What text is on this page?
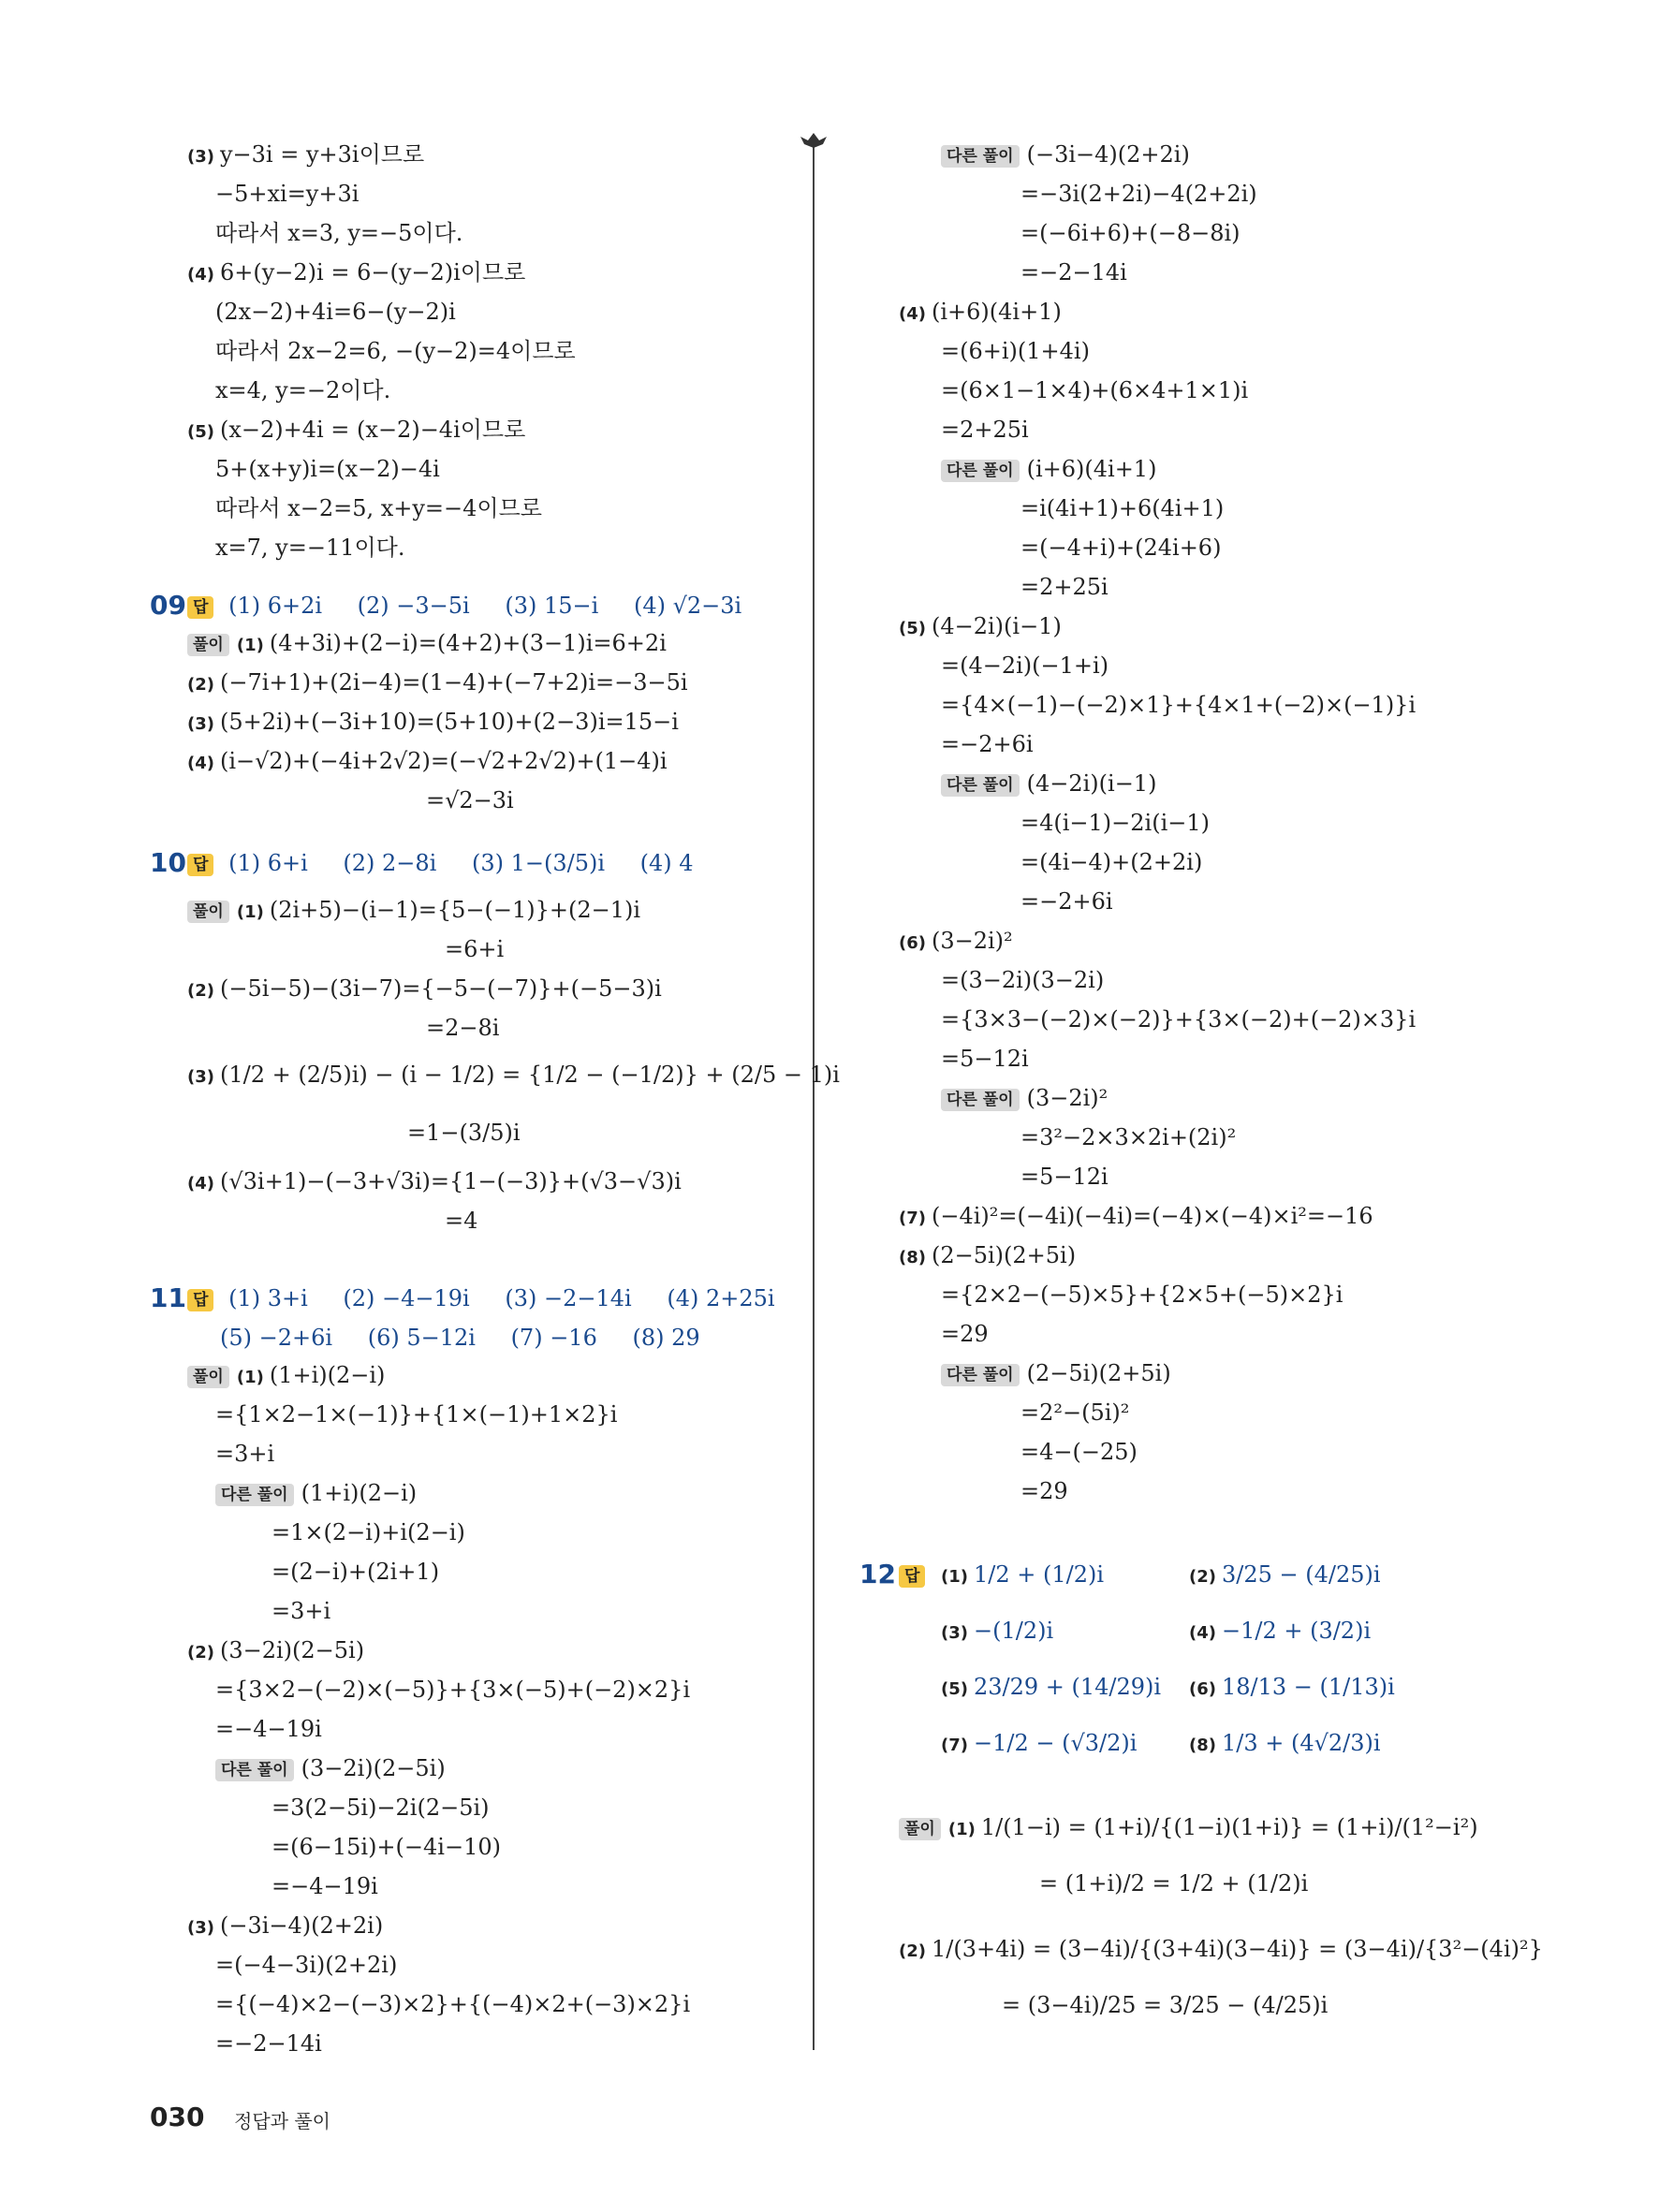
(3) y−3i = y+3i이므로
−5+xi=y+3i
따라서 x=3, y=−5이다.
(4) 6+(y−2)i = 6−(y−2)i이므로
(2x−2)+4i=6−(y−2)i
따라서 2x−2=6, −(y−2)=4이므로
x=4, y=−2이다.
(5) (x−2)+4i = (x−2)−4i이므로
5+(x+y)i=(x−2)−4i
따라서 x−2=5, x+y=−4이므로
x=7, y=−11이다.
09 답 (1) 6+2i (2) −3−5i (3) 15−i (4) √2−3i
풀이 (1) (4+3i)+(2−i)=(4+2)+(3−1)i=6+2i
(2) (−7i+1)+(2i−4)=(1−4)+(−7+2)i=−3−5i
(3) (5+2i)+(−3i+10)=(5+10)+(2−3)i=15−i
(4) (i−√2)+(−4i+2√2)=(−√2+2√2)+(1−4)i
=√2−3i
10 답 (1) 6+i (2) 2−8i (3) 1−(3/5)i (4) 4
풀이 (1) (2i+5)−(i−1)={5−(−1)}+(2−1)i
=6+i
(2) (−5i−5)−(3i−7)={−5−(−7)}+(−5−3)i
=2−8i
(3) (1/2 + (2/5)i) − (i − 1/2) = {1/2 − (−1/2)} + (2/5 − 1)i
=1−(3/5)i
(4) (√3i+1)−(−3+√3i)={1−(−3)}+(√3−√3)i
=4
11 답 (1) 3+i (2) −4−19i (3) −2−14i (4) 2+25i
(5) −2+6i (6) 5−12i (7) −16 (8) 29
풀이 (1) (1+i)(2−i)
={1×2−1×(−1)}+{1×(−1)+1×2}i
=3+i
다른 풀이 (1+i)(2−i)
=1×(2−i)+i(2−i)
=(2−i)+(2i+1)
=3+i
(2) (3−2i)(2−5i)
={3×2−(−2)×(−5)}+{3×(−5)+(−2)×2}i
=−4−19i
다른 풀이 (3−2i)(2−5i)
=3(2−5i)−2i(2−5i)
=(6−15i)+(−4i−10)
=−4−19i
(3) (−3i−4)(2+2i)
=(−4−3i)(2+2i)
={(−4)×2−(−3)×2}+{(−4)×2+(−3)×2}i
=−2−14i
다른 풀이 (−3i−4)(2+2i)
=−3i(2+2i)−4(2+2i)
=(−6i+6)+(−8−8i)
=−2−14i
(4) (i+6)(4i+1)
=(6+i)(1+4i)
=(6×1−1×4)+(6×4+1×1)i
=2+25i
다른 풀이 (i+6)(4i+1)
=i(4i+1)+6(4i+1)
=(−4+i)+(24i+6)
=2+25i
(5) (4−2i)(i−1)
=(4−2i)(−1+i)
={4×(−1)−(−2)×1}+{4×1+(−2)×(−1)}i
=−2+6i
다른 풀이 (4−2i)(i−1)
=4(i−1)−2i(i−1)
=(4i−4)+(2+2i)
=−2+6i
(6) (3−2i)²
=(3−2i)(3−2i)
={3×3−(−2)×(−2)}+{3×(−2)+(−2)×3}i
=5−12i
다른 풀이 (3−2i)²
=3²−2×3×2i+(2i)²
=5−12i
(7) (−4i)²=(−4i)(−4i)=(−4)×(−4)×i²=−16
(8) (2−5i)(2+5i)
={2×2−(−5)×5}+{2×5+(−5)×2}i
=29
다른 풀이 (2−5i)(2+5i)
=2²−(5i)²
=4−(−25)
=29
12 답	(1) 1/2 + (1/2)i	(2) 3/25 − (4/25)i
(3) −(1/2)i	(4) −1/2 + (3/2)i
(5) 23/29 + (14/29)i	(6) 18/13 − (1/13)i
(7) −1/2 − (√3/2)i	(8) 1/3 + (4√2/3)i
풀이 (1) 1/(1−i) = (1+i)/{(1−i)(1+i)} = (1+i)/(1²−i²)
= (1+i)/2 = 1/2 + (1/2)i
(2) 1/(3+4i) = (3−4i)/{(3+4i)(3−4i)} = (3−4i)/{3²−(4i)²}
= (3−4i)/25 = 3/25 − (4/25)i
030 정답과 풀이
